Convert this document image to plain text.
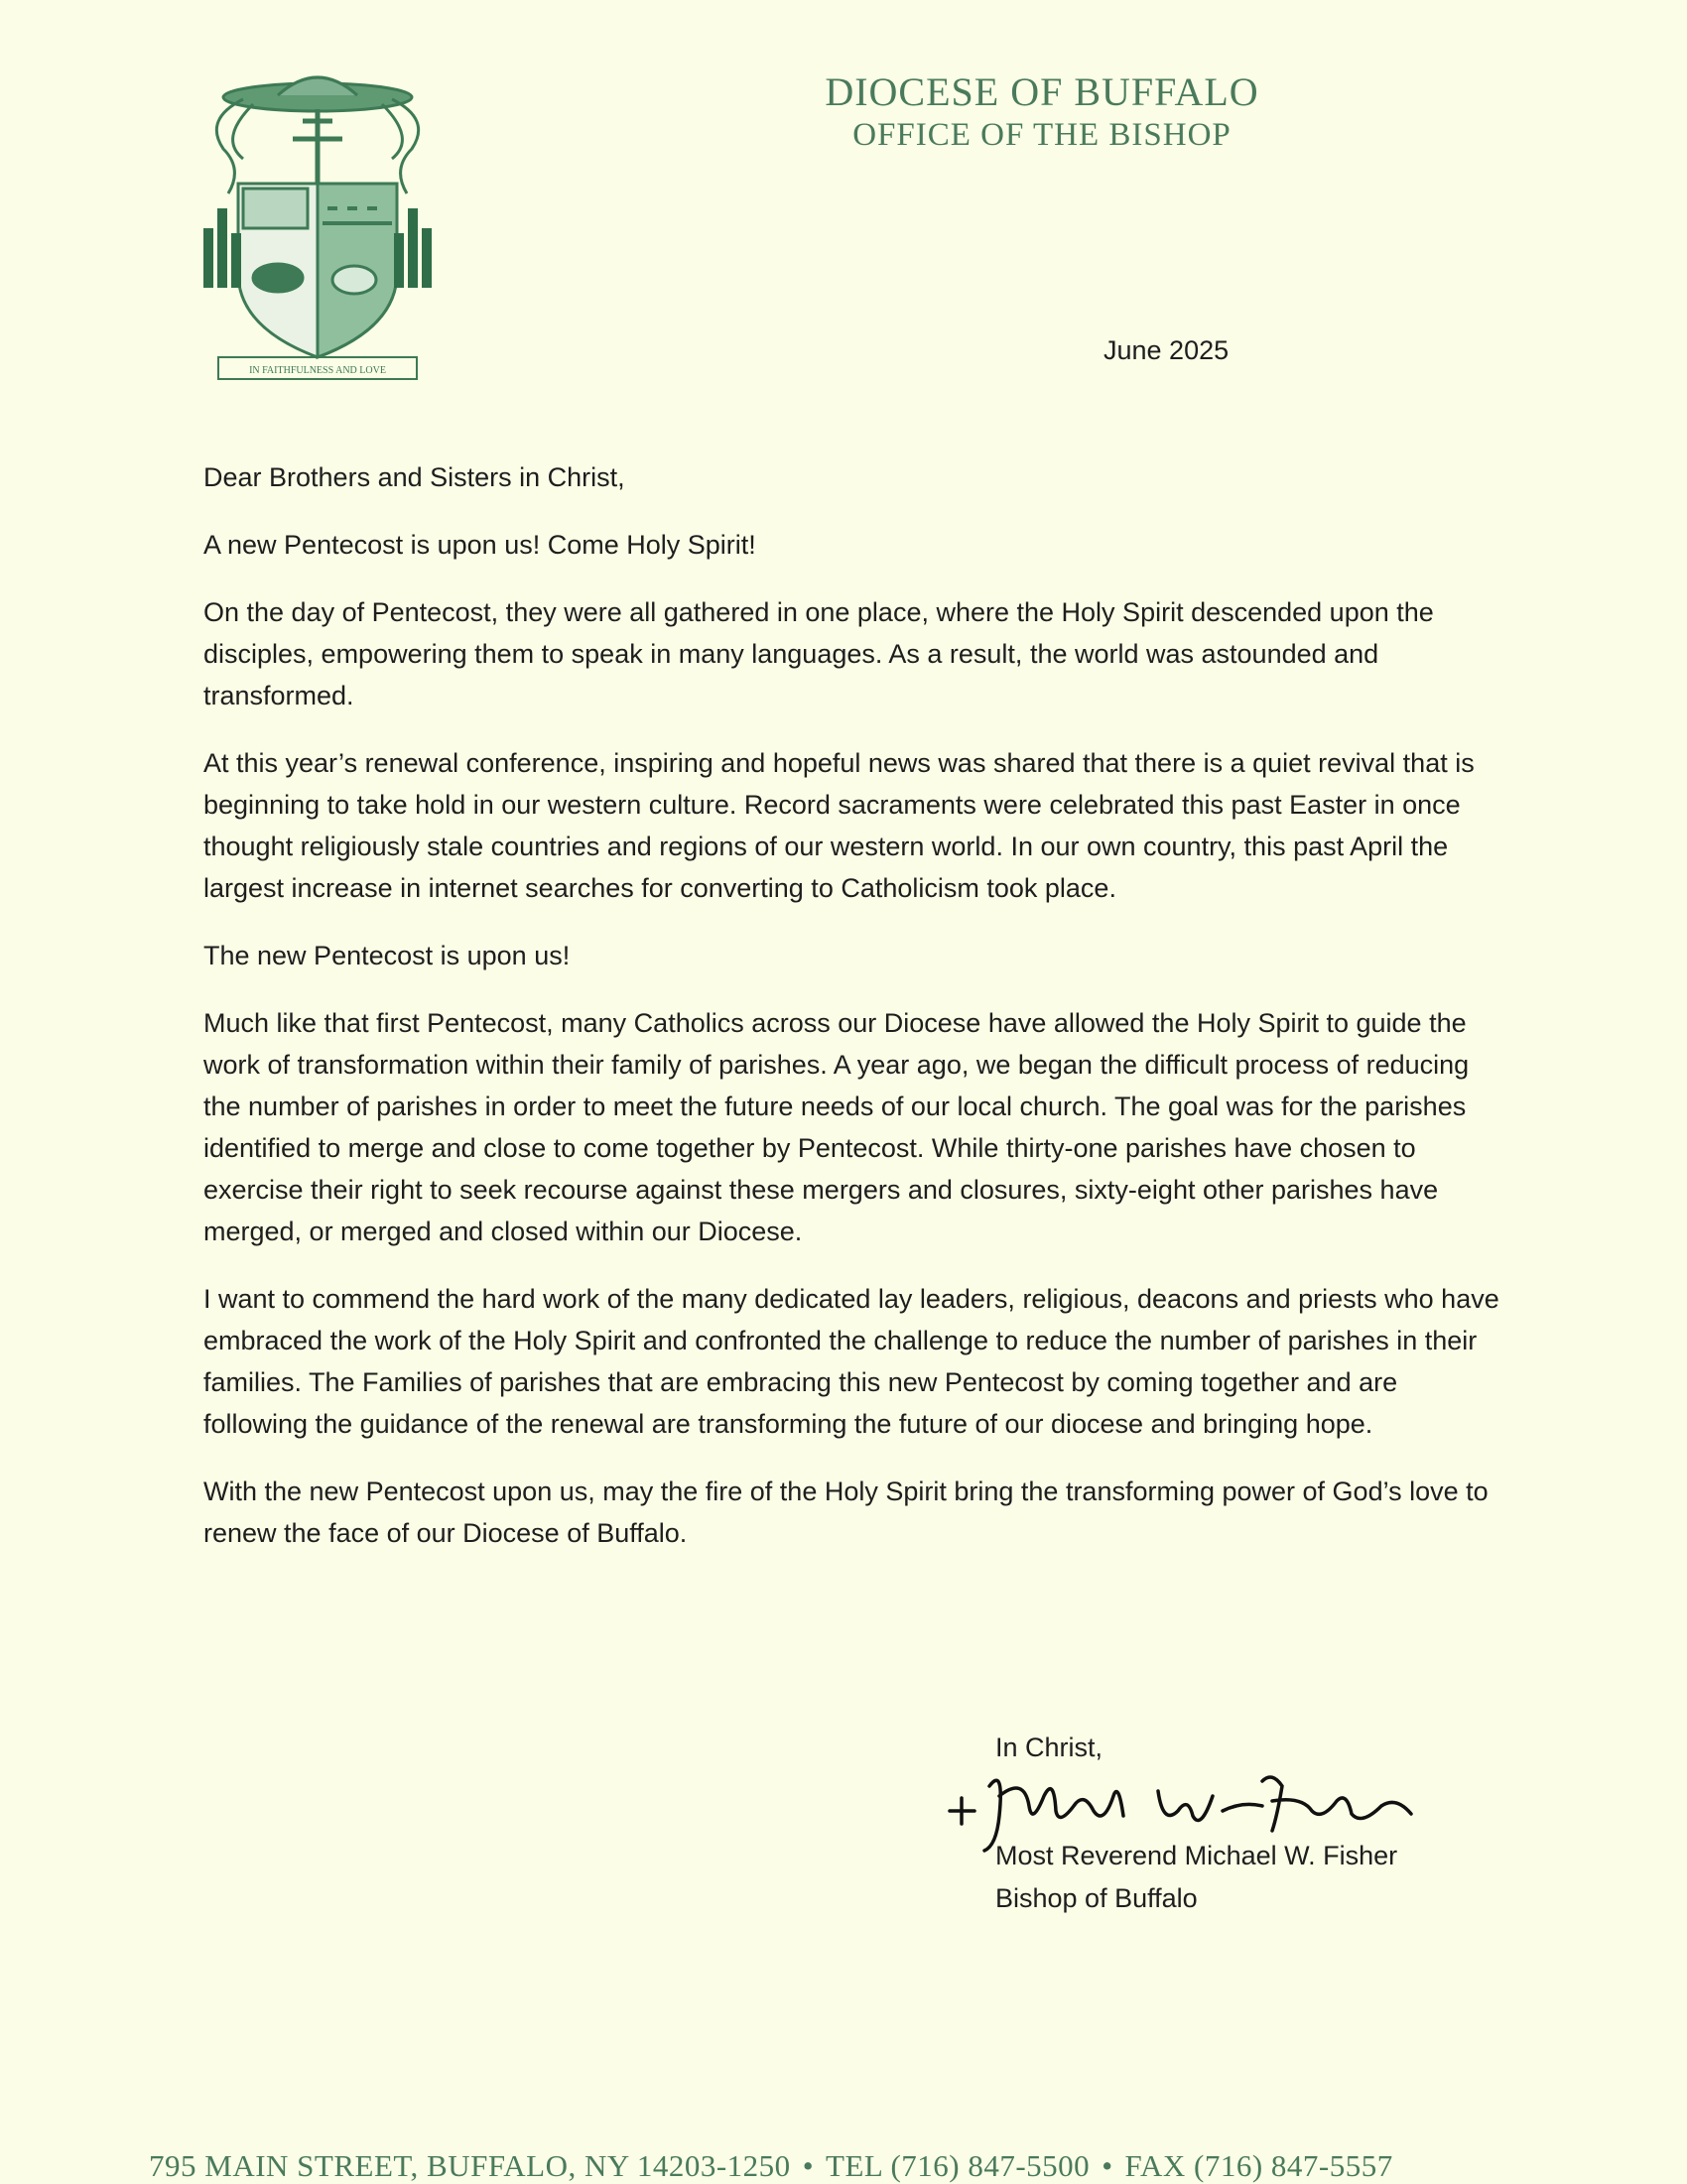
IN FAITHFULNESS AND LOVE
DIOCESE OF BUFFALO
OFFICE OF THE BISHOP
June 2025

Dear Brothers and Sisters in Christ,

A new Pentecost is upon us! Come Holy Spirit!

On the day of Pentecost, they were all gathered in one place, where the Holy Spirit descended upon the disciples, empowering them to speak in many languages. As a result, the world was astounded and transformed.

At this year’s renewal conference, inspiring and hopeful news was shared that there is a quiet revival that is beginning to take hold in our western culture. Record sacraments were celebrated this past Easter in once thought religiously stale countries and regions of our western world. In our own country, this past April the largest increase in internet searches for converting to Catholicism took place.

The new Pentecost is upon us!

Much like that first Pentecost, many Catholics across our Diocese have allowed the Holy Spirit to guide the work of transformation within their family of parishes. A year ago, we began the difficult process of reducing the number of parishes in order to meet the future needs of our local church. The goal was for the parishes identified to merge and close to come together by Pentecost. While thirty-one parishes have chosen to exercise their right to seek recourse against these mergers and closures, sixty-eight other parishes have merged, or merged and closed within our Diocese.

I want to commend the hard work of the many dedicated lay leaders, religious, deacons and priests who have embraced the work of the Holy Spirit and confronted the challenge to reduce the number of parishes in their families. The Families of parishes that are embracing this new Pentecost by coming together and are following the guidance of the renewal are transforming the future of our diocese and bringing hope.

With the new Pentecost upon us, may the fire of the Holy Spirit bring the transforming power of God’s love to renew the face of our Diocese of Buffalo.

In Christ,
Most Reverend Michael W. Fisher
Bishop of Buffalo
795 MAIN STREET, BUFFALO, NY 14203-1250 • TEL (716) 847-5500 • FAX (716) 847-5557
